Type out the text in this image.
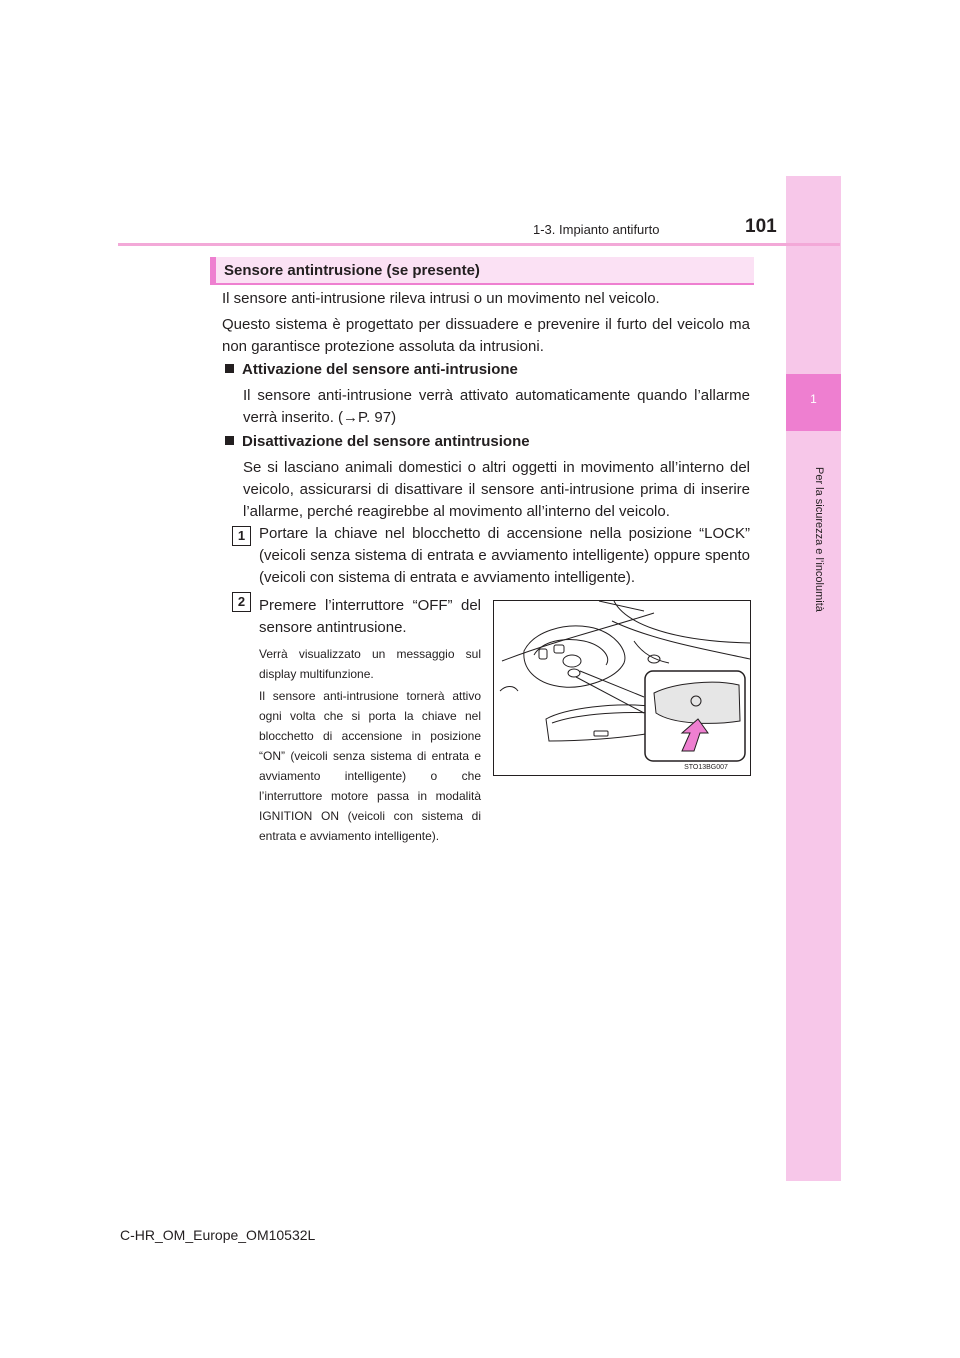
1
Per la sicurezza e l’incolumità
1-3. Impianto antifurto	101
Sensore antintrusione (se presente)
Il sensore anti-intrusione rileva intrusi o un movimento nel veicolo.
Questo sistema è progettato per dissuadere e prevenire il furto del veicolo ma non garantisce protezione assoluta da intrusioni.
Attivazione del sensore anti-intrusione
Il sensore anti-intrusione verrà attivato automaticamente quando l’allarme verrà inserito. (→P. 97)
Disattivazione del sensore antintrusione
Se si lasciano animali domestici o altri oggetti in movimento all’interno del veicolo, assicurarsi di disattivare il sensore anti-intrusione prima di inserire l’allarme, perché reagirebbe al movimento all’interno del veicolo.
1 Portare la chiave nel blocchetto di accensione nella posizione “LOCK” (veicoli senza sistema di entrata e avviamento intelligente) oppure spento (veicoli con sistema di entrata e avviamento intelligente).
2 Premere l’interruttore “OFF” del sensore antintrusione.
Verrà visualizzato un messaggio sul display multifunzione.
Il sensore anti-intrusione tornerà attivo ogni volta che si porta la chiave nel blocchetto di accensione in posizione “ON” (veicoli senza sistema di entrata e avviamento intelligente) o che l’interruttore motore passa in modalità IGNITION ON (veicoli con sistema di entrata e avviamento intelligente).
STO13BG007
C-HR_OM_Europe_OM10532L
